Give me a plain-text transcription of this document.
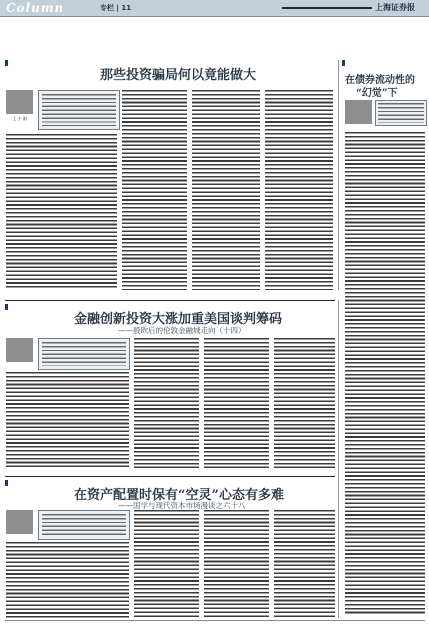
Column	专栏 | 11	上海证券报
那些投资骗局何以竟能做大
王 小 刚
在债券流动性的
“幻觉”下
金融创新投资大涨加重美国谈判筹码
——殷欧后的伦敦金融城走向（十四）
在资产配置时保有“空灵”心态有多难
——国学与现代资本市场漫谈之六十八
